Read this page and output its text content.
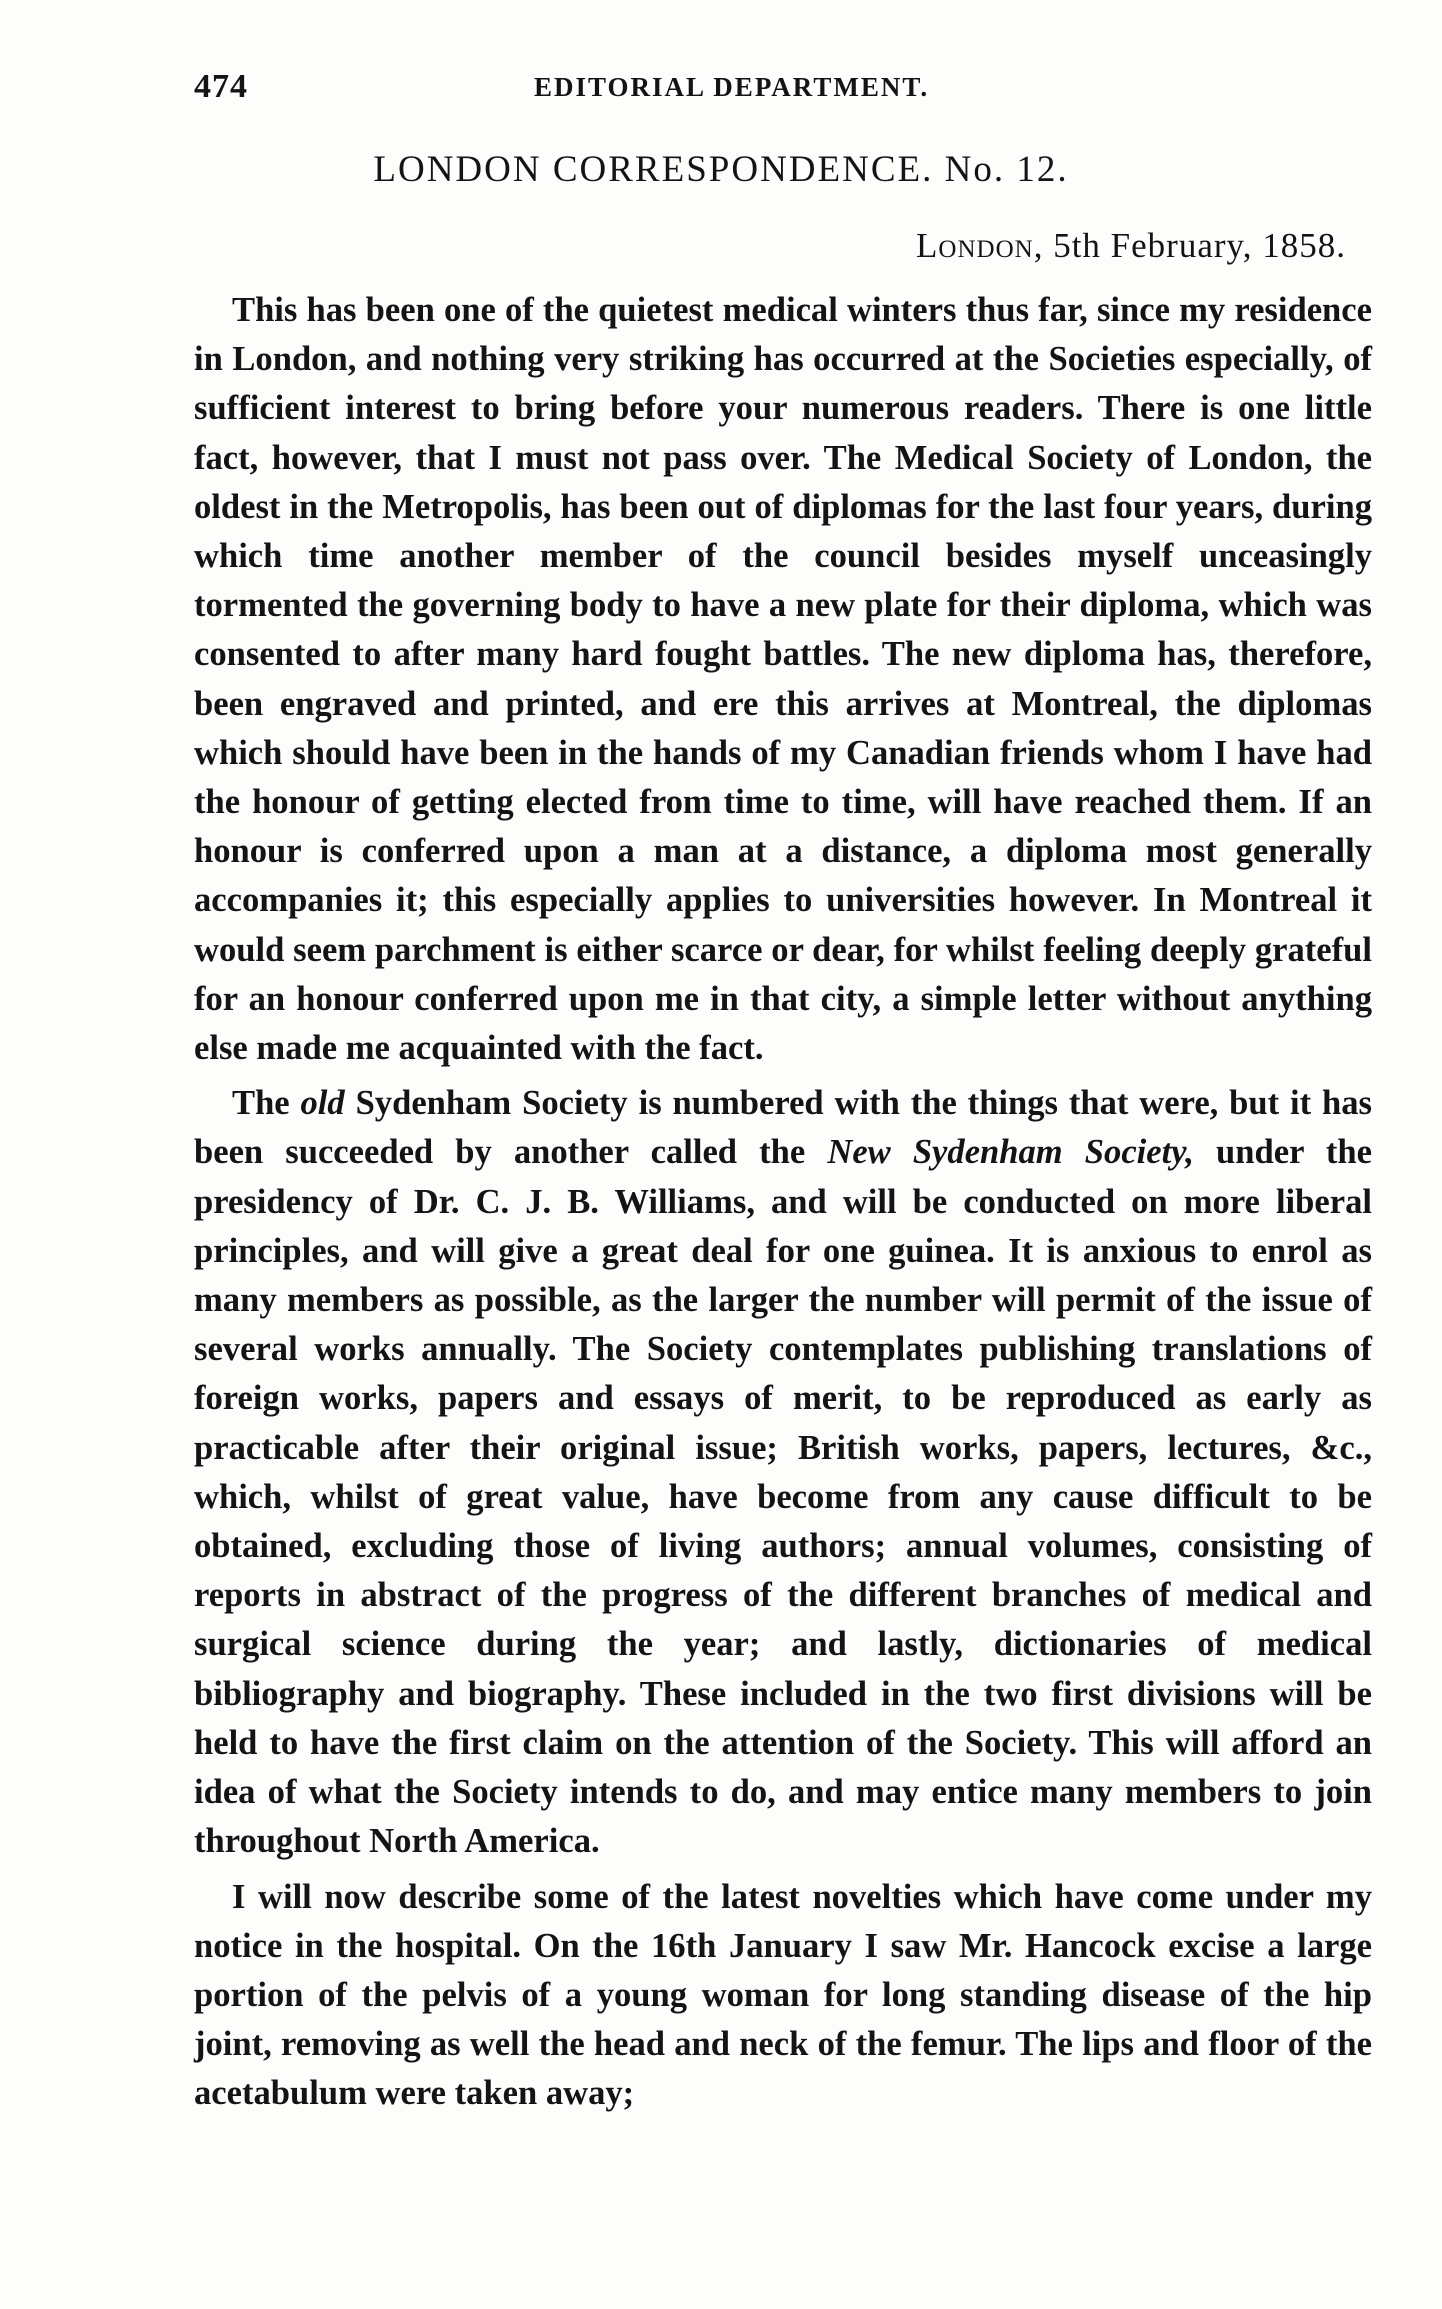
474	EDITORIAL DEPARTMENT.
LONDON CORRESPONDENCE. No. 12.
London, 5th February, 1858.

This has been one of the quietest medical winters thus far, since my residence in London, and nothing very striking has occurred at the Societies especially, of sufficient interest to bring before your numerous readers. There is one little fact, however, that I must not pass over. The Medical Society of London, the oldest in the Metropolis, has been out of diplomas for the last four years, during which time another member of the council besides myself unceasingly tormented the governing body to have a new plate for their diploma, which was consented to after many hard fought battles. The new diploma has, therefore, been engraved and printed, and ere this arrives at Montreal, the diplomas which should have been in the hands of my Canadian friends whom I have had the honour of getting elected from time to time, will have reached them. If an honour is conferred upon a man at a distance, a diploma most generally accompanies it; this especially applies to universities however. In Montreal it would seem parchment is either scarce or dear, for whilst feeling deeply grateful for an honour conferred upon me in that city, a simple letter without anything else made me acquainted with the fact.

The old Sydenham Society is numbered with the things that were, but it has been succeeded by another called the New Sydenham Society, under the presidency of Dr. C. J. B. Williams, and will be conducted on more liberal principles, and will give a great deal for one guinea. It is anxious to enrol as many members as possible, as the larger the number will permit of the issue of several works annually. The Society contemplates publishing translations of foreign works, papers and essays of merit, to be reproduced as early as practicable after their original issue; British works, papers, lectures, &c., which, whilst of great value, have become from any cause difficult to be obtained, excluding those of living authors; annual volumes, consisting of reports in abstract of the progress of the different branches of medical and surgical science during the year; and lastly, dictionaries of medical bibliography and biography. These included in the two first divisions will be held to have the first claim on the attention of the Society. This will afford an idea of what the Society intends to do, and may entice many members to join throughout North America.

I will now describe some of the latest novelties which have come under my notice in the hospital. On the 16th January I saw Mr. Hancock excise a large portion of the pelvis of a young woman for long standing disease of the hip joint, removing as well the head and neck of the femur. The lips and floor of the acetabulum were taken away;
